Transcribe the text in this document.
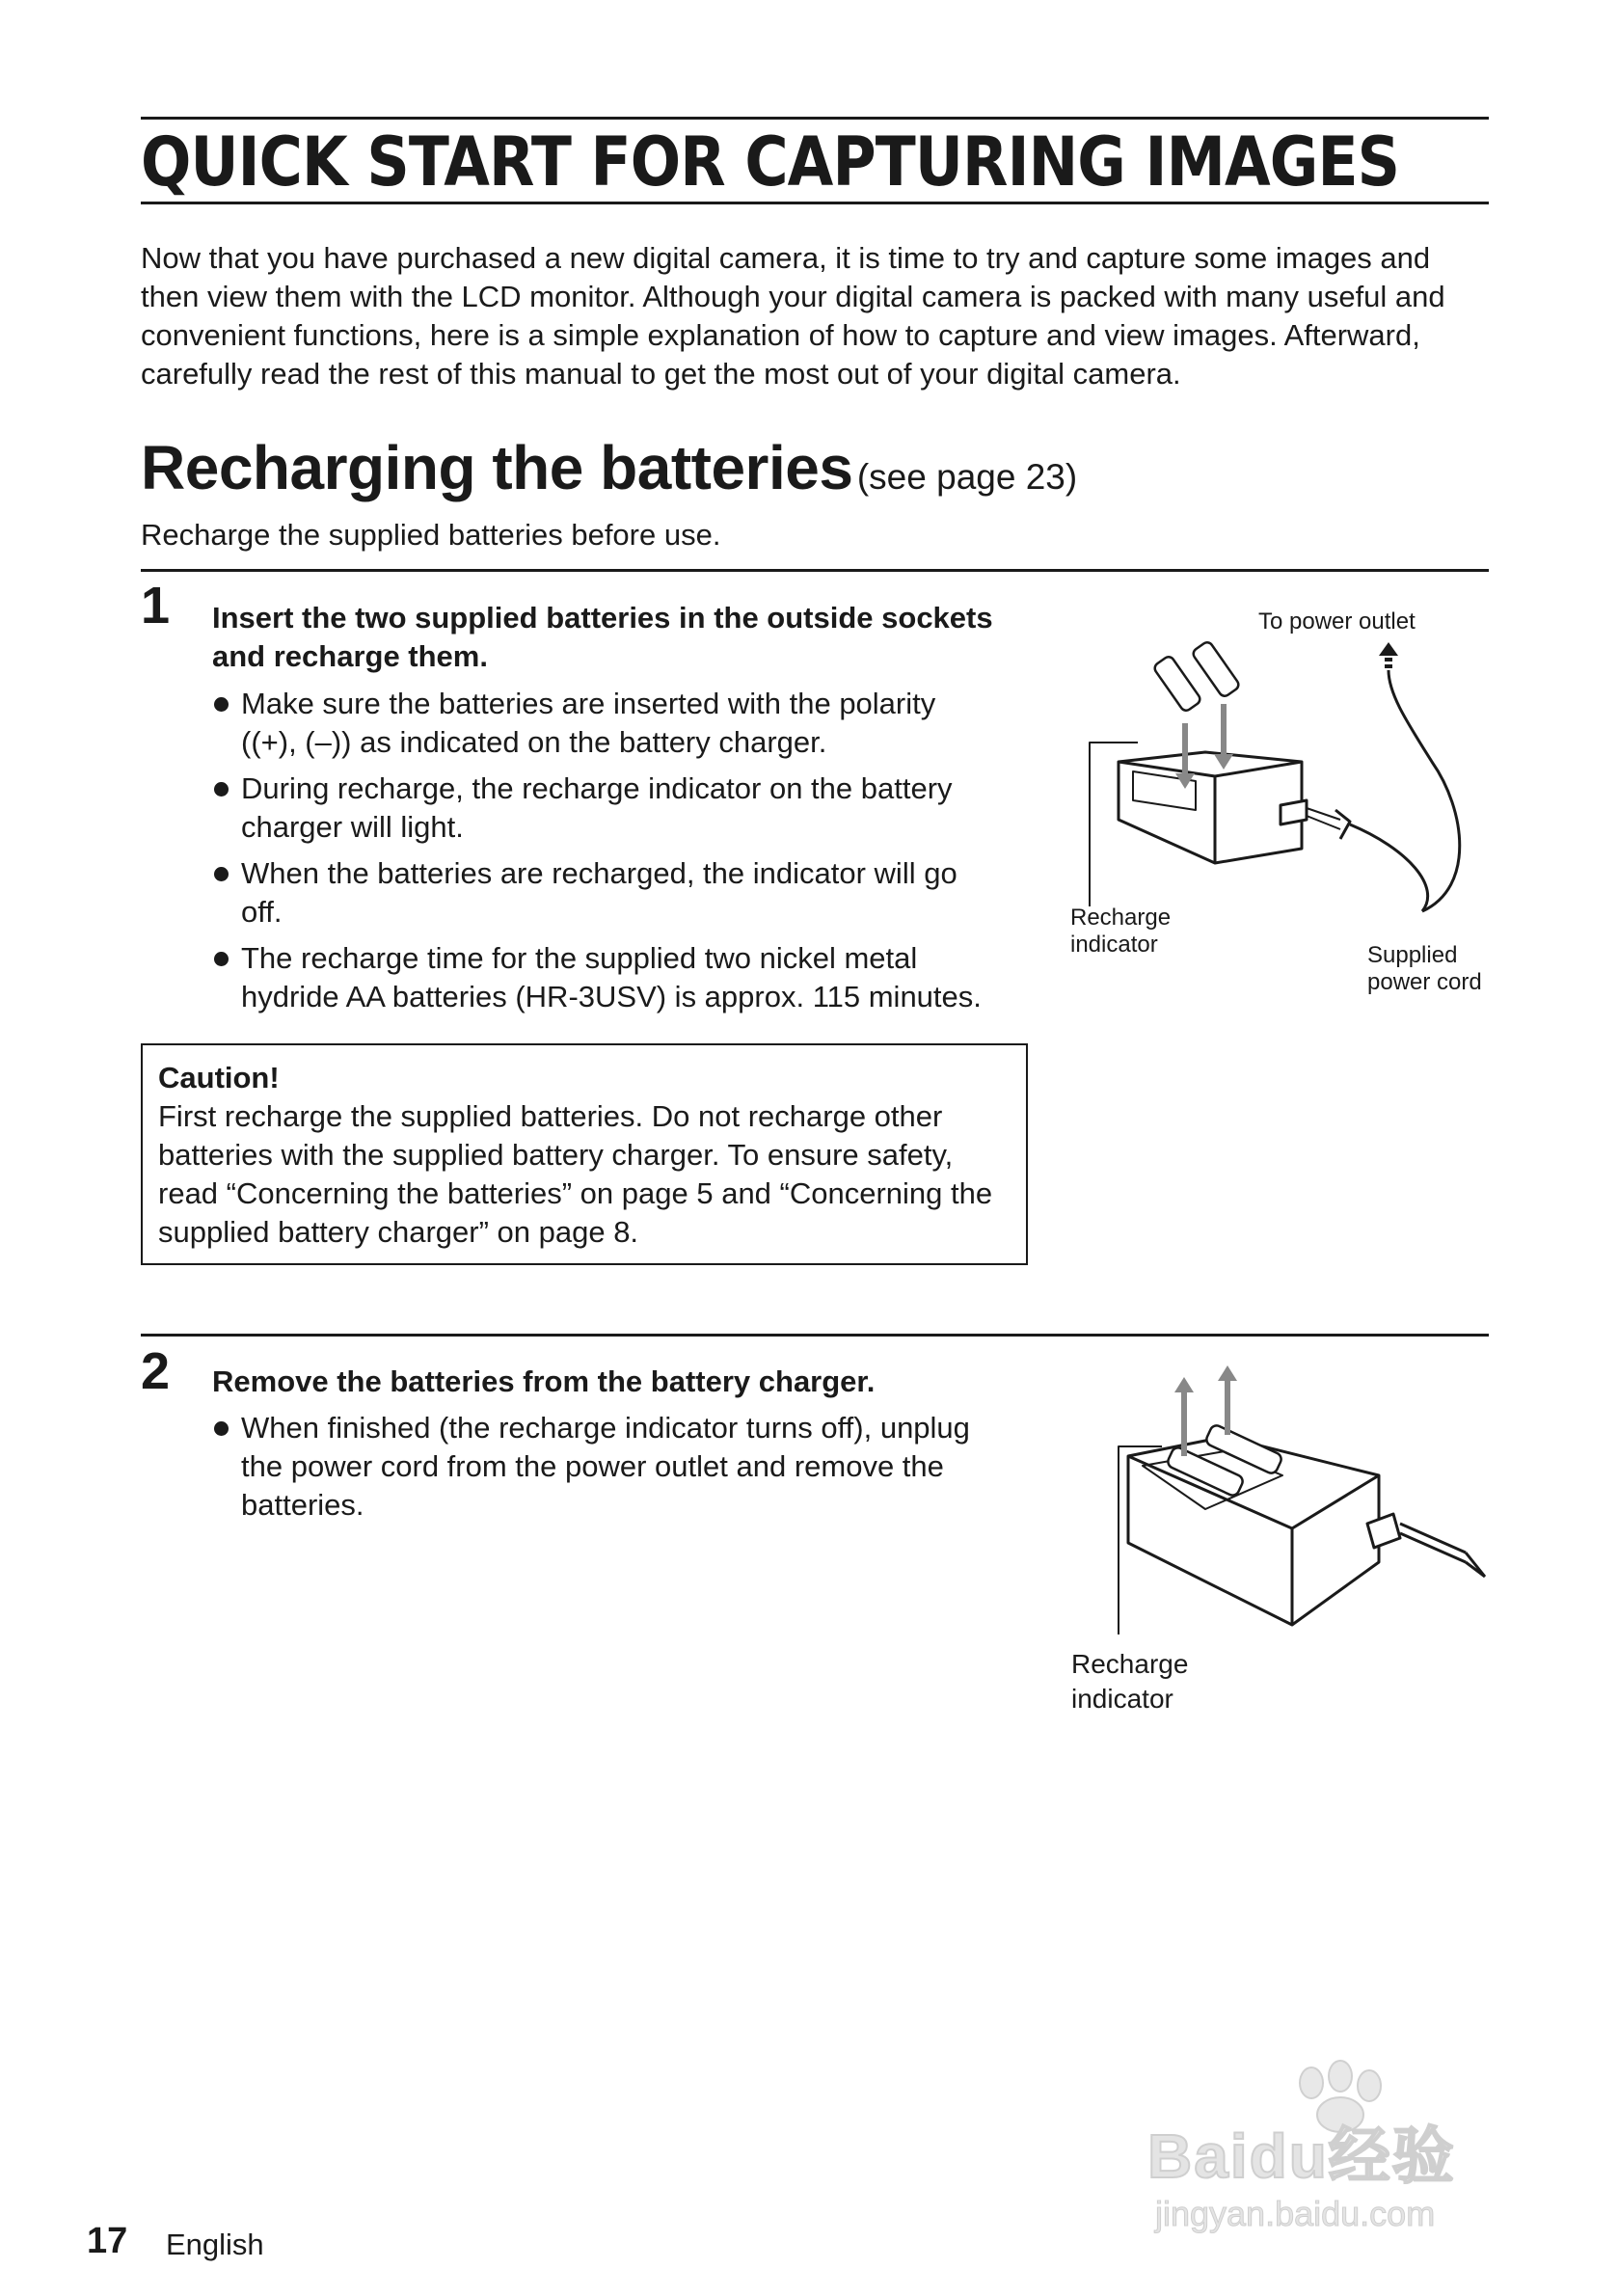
QUICK START FOR CAPTURING IMAGES

Now that you have purchased a new digital camera, it is time to try and capture some images and then view them with the LCD monitor. Although your digital camera is packed with many useful and convenient functions, here is a simple explanation of how to capture and view images. Afterward, carefully read the rest of this manual to get the most out of your digital camera.

Recharging the batteries (see page 23)
Recharge the supplied batteries before use.
1 Insert the two supplied batteries in the outside sockets
and recharge them.
Make sure the batteries are inserted with the polarity
((+), (–)) as indicated on the battery charger.
During recharge, the recharge indicator on the battery
charger will light.
When the batteries are recharged, the indicator will go
off.
The recharge time for the supplied two nickel metal
hydride AA batteries (HR-3USV) is approx. 115 minutes.
To power outlet
Recharge
indicator	Supplied
power cord
Caution!

First recharge the supplied batteries. Do not recharge other batteries with the supplied battery charger. To ensure safety, read “Concerning the batteries” on page 5 and “Concerning the supplied battery charger” on page 8.

2 Remove the batteries from the battery charger.
When finished (the recharge indicator turns off), unplug
the power cord from the power outlet and remove the
batteries.
Recharge
indicator
17 English
Baidu经验
jingyan.baidu.com
